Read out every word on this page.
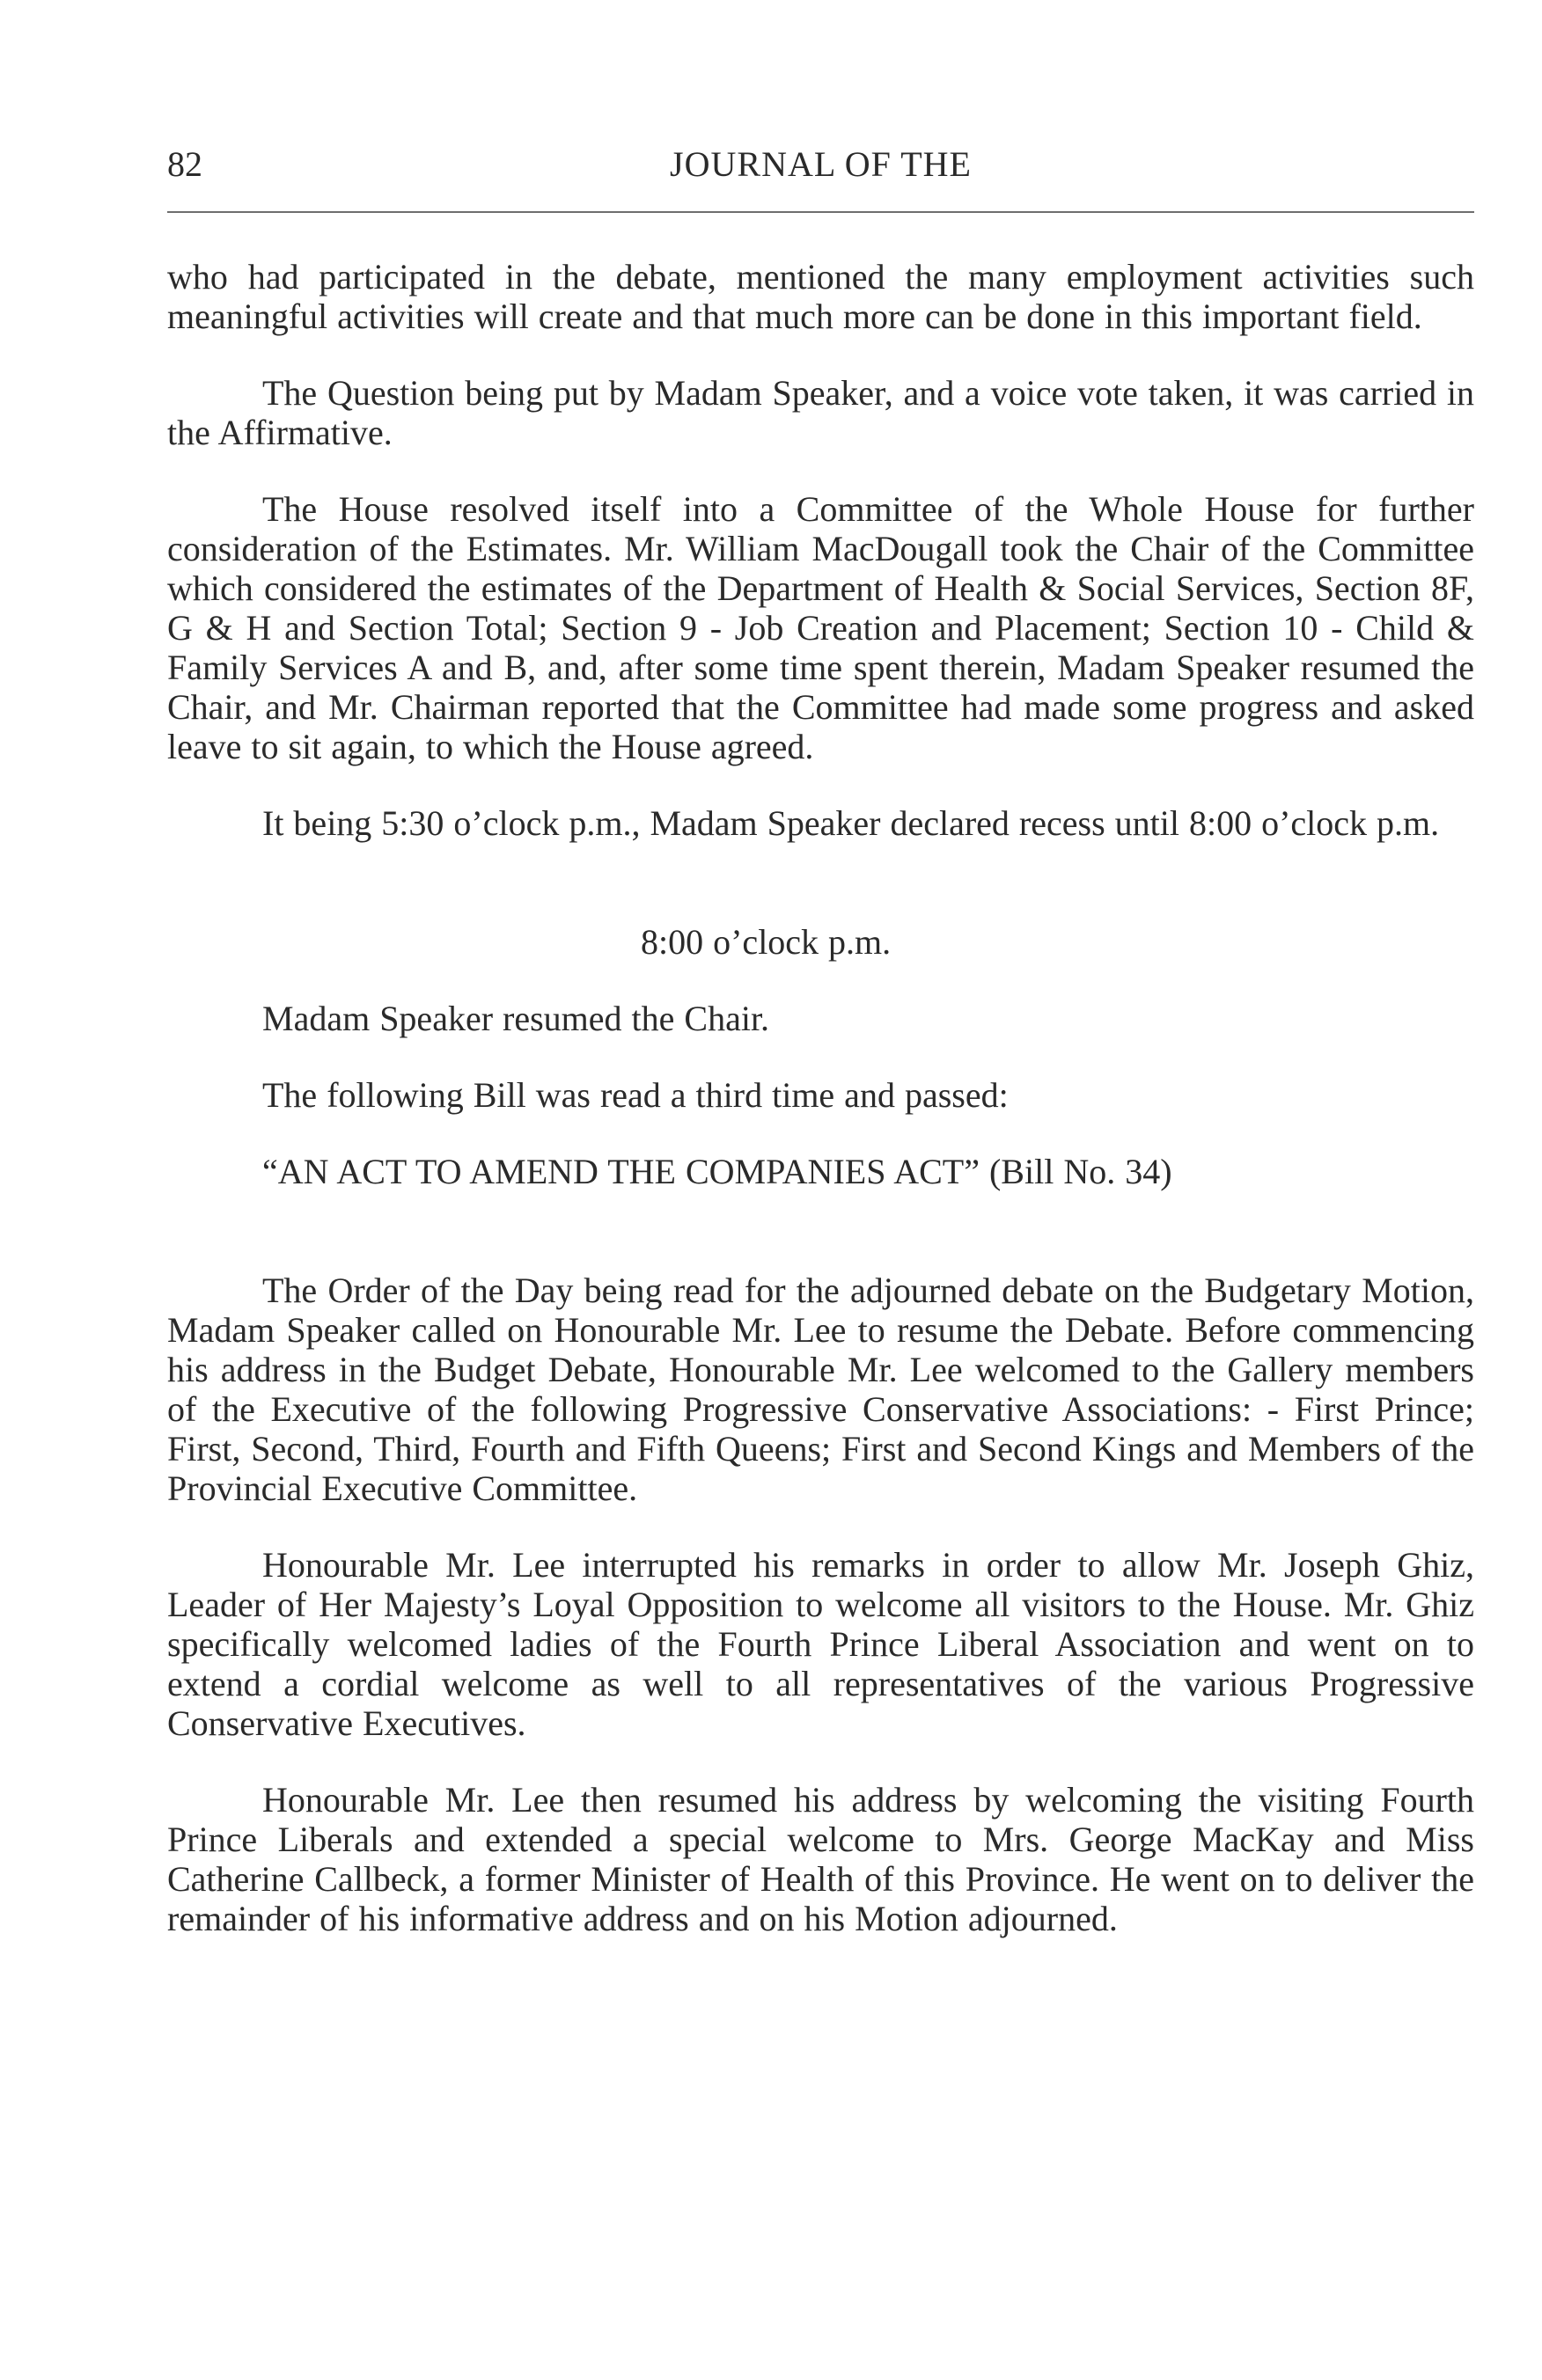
82	JOURNAL OF THE

who had participated in the debate, mentioned the many employment activities such meaningful activities will create and that much more can be done in this important field.

The Question being put by Madam Speaker, and a voice vote taken, it was carried in the Affirmative.

The House resolved itself into a Committee of the Whole House for further consideration of the Estimates. Mr. William MacDougall took the Chair of the Committee which considered the estimates of the Department of Health & Social Services, Section 8F, G & H and Section Total; Section 9 - Job Creation and Placement; Section 10 - Child & Family Services A and B, and, after some time spent therein, Madam Speaker resumed the Chair, and Mr. Chairman reported that the Committee had made some progress and asked leave to sit again, to which the House agreed.

It being 5:30 o’clock p.m., Madam Speaker declared recess until 8:00 o’clock p.m.

8:00 o’clock p.m.

Madam Speaker resumed the Chair.

The following Bill was read a third time and passed:

“AN ACT TO AMEND THE COMPANIES ACT” (Bill No. 34)

The Order of the Day being read for the adjourned debate on the Budgetary Motion, Madam Speaker called on Honourable Mr. Lee to resume the Debate. Before commencing his address in the Budget Debate, Honourable Mr. Lee welcomed to the Gallery members of the Executive of the following Progressive Conservative Associations: - First Prince; First, Second, Third, Fourth and Fifth Queens; First and Second Kings and Members of the Provincial Executive Committee.

Honourable Mr. Lee interrupted his remarks in order to allow Mr. Joseph Ghiz, Leader of Her Majesty’s Loyal Opposition to welcome all visitors to the House. Mr. Ghiz specifically welcomed ladies of the Fourth Prince Liberal Association and went on to extend a cordial welcome as well to all representatives of the various Progressive Conservative Executives.

Honourable Mr. Lee then resumed his address by welcoming the visiting Fourth Prince Liberals and extended a special welcome to Mrs. George MacKay and Miss Catherine Callbeck, a former Minister of Health of this Province. He went on to deliver the remainder of his informative address and on his Motion adjourned.
